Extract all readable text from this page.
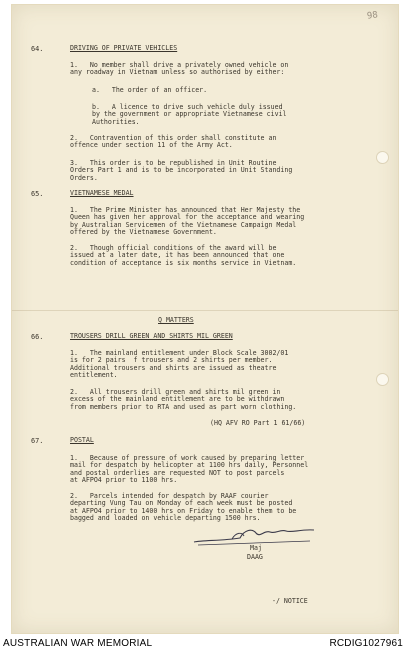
98

64.	DRIVING OF PRIVATE VEHICLES

1.   No member shall drive a privately owned vehicle on
any roadway in Vietnam unless so authorised by either:

a.   The order of an officer.

b.   A licence to drive such vehicle duly issued
by the government or appropriate Vietnamese civil
Authorities.

2.   Contravention of this order shall constitute an
offence under section 11 of the Army Act.

3.   This order is to be republished in Unit Routine
Orders Part 1 and is to be incorporated in Unit Standing
Orders.

65.	VIETNAMESE MEDAL

1.   The Prime Minister has announced that Her Majesty the
Queen has given her approval for the acceptance and wearing
by Australian Servicemen of the Vietnamese Campaign Medal
offered by the Vietnamese Government.

2.   Though official conditions of the award will be
issued at a later date, it has been announced that one
condition of acceptance is six months service in Vietnam.

Q MATTERS

66.	TROUSERS DRILL GREEN AND SHIRTS MIL GREEN

1.   The mainland entitlement under Block Scale 3002/01
is for 2 pairs  f trousers and 2 shirts per member.
Additional trousers and shirts are issued as theatre
entitlement.

2.   All trousers drill green and shirts mil green in
excess of the mainland entitlement are to be withdrawn
from members prior to RTA and used as part worn clothing.

(HQ AFV RO Part 1 61/66)

67.	POSTAL

1.   Because of pressure of work caused by preparing letter
mail for despatch by helicopter at 1100 hrs daily, Personnel
and postal orderlies are requested NOT to post parcels
at AFPO4 prior to 1100 hrs.

2.   Parcels intended for despatch by RAAF courier
departing Vung Tau on Monday of each week must be posted
at AFPO4 prior to 1400 hrs on Friday to enable them to be
bagged and loaded on vehicle departing 1500 hrs.

Maj

DAAG

-/ NOTICE

AUSTRALIAN WAR MEMORIAL	RCDIG1027961
